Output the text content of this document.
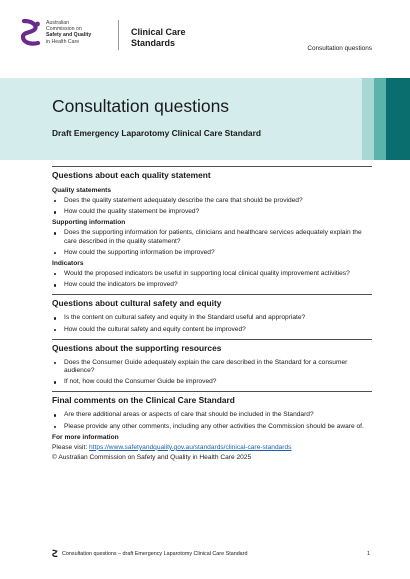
Australian
Commission on
Safety and Quality
in Health Care
Clinical Care
Standards
Consultation questions
Consultation questions
Draft Emergency Laparotomy Clinical Care Standard
Questions about each quality statement
Quality statements
Does the quality statement adequately describe the care that should be provided?
How could the quality statement be improved?
Supporting information
Does the supporting information for patients, clinicians and healthcare services adequately explain the care described in the quality statement?
How could the supporting information be improved?
Indicators
Would the proposed indicators be useful in supporting local clinical quality improvement activities?
How could the indicators be improved?
Questions about cultural safety and equity
Is the content on cultural safety and equity in the Standard useful and appropriate?
How could the cultural safety and equity content be improved?
Questions about the supporting resources
Does the Consumer Guide adequately explain the care described in the Standard for a consumer audience?
If not, how could the Consumer Guide be improved?
Final comments on the Clinical Care Standard
Are there additional areas or aspects of care that should be included in the Standard?
Please provide any other comments, including any other activities the Commission should be aware of.
For more information
Please visit: https://www.safetyandquality.gov.au/standards/clinical-care-standards
© Australian Commission on Safety and Quality in Health Care 2025
Consultation questions – draft Emergency Laparotomy Clinical Care Standard	1
